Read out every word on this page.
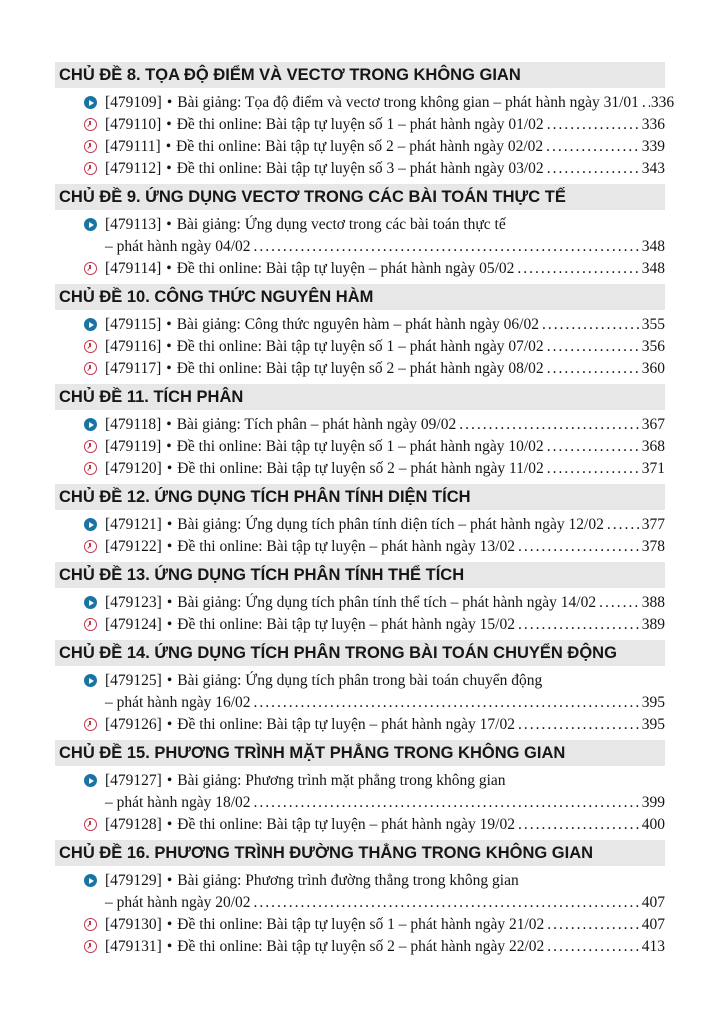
CHỦ ĐỀ 8. TỌA ĐỘ ĐIỂM VÀ VECTƠ TRONG KHÔNG GIAN
[479109] • Bài giảng: Tọa độ điểm và vectơ trong không gian – phát hành ngày 31/01 ..... 336
[479110] • Đề thi online: Bài tập tự luyện số 1 – phát hành ngày 01/02 .....	336
[479111] • Đề thi online: Bài tập tự luyện số 2 – phát hành ngày 02/02 .....	339
[479112] • Đề thi online: Bài tập tự luyện số 3 – phát hành ngày 03/02 .....	343
CHỦ ĐỀ 9. ỨNG DỤNG VECTƠ TRONG CÁC BÀI TOÁN THỰC TẾ
[479113] • Bài giảng: Ứng dụng vectơ trong các bài toán thực tế
– phát hành ngày 04/02 .....	348
[479114] • Đề thi online: Bài tập tự luyện – phát hành ngày 05/02 .....	348
CHỦ ĐỀ 10. CÔNG THỨC NGUYÊN HÀM
[479115] • Bài giảng: Công thức nguyên hàm – phát hành ngày 06/02 .....	355
[479116] • Đề thi online: Bài tập tự luyện số 1 – phát hành ngày 07/02 .....	356
[479117] • Đề thi online: Bài tập tự luyện số 2 – phát hành ngày 08/02 .....	360
CHỦ ĐỀ 11. TÍCH PHÂN
[479118] • Bài giảng: Tích phân – phát hành ngày 09/02 .....	367
[479119] • Đề thi online: Bài tập tự luyện số 1 – phát hành ngày 10/02 .....	368
[479120] • Đề thi online: Bài tập tự luyện số 2 – phát hành ngày 11/02 .....	371
CHỦ ĐỀ 12. ỨNG DỤNG TÍCH PHÂN TÍNH DIỆN TÍCH
[479121] • Bài giảng: Ứng dụng tích phân tính diện tích – phát hành ngày 12/02 ..... 377
[479122] • Đề thi online: Bài tập tự luyện – phát hành ngày 13/02 .....	378
CHỦ ĐỀ 13. ỨNG DỤNG TÍCH PHÂN TÍNH THỂ TÍCH
[479123] • Bài giảng: Ứng dụng tích phân tính thể tích – phát hành ngày 14/02 .....	388
[479124] • Đề thi online: Bài tập tự luyện – phát hành ngày 15/02 .....	389
CHỦ ĐỀ 14. ỨNG DỤNG TÍCH PHÂN TRONG BÀI TOÁN CHUYỂN ĐỘNG
[479125] • Bài giảng: Ứng dụng tích phân trong bài toán chuyển động
– phát hành ngày 16/02 .....	395
[479126] • Đề thi online: Bài tập tự luyện – phát hành ngày 17/02 .....	395
CHỦ ĐỀ 15. PHƯƠNG TRÌNH MẶT PHẲNG TRONG KHÔNG GIAN
[479127] • Bài giảng: Phương trình mặt phẳng trong không gian
– phát hành ngày 18/02 .....	399
[479128] • Đề thi online: Bài tập tự luyện – phát hành ngày 19/02 .....	400
CHỦ ĐỀ 16. PHƯƠNG TRÌNH ĐƯỜNG THẲNG TRONG KHÔNG GIAN
[479129] • Bài giảng: Phương trình đường thẳng trong không gian
– phát hành ngày 20/02 .....	407
[479130] • Đề thi online: Bài tập tự luyện số 1 – phát hành ngày 21/02 .....	407
[479131] • Đề thi online: Bài tập tự luyện số 2 – phát hành ngày 22/02 .....	413
